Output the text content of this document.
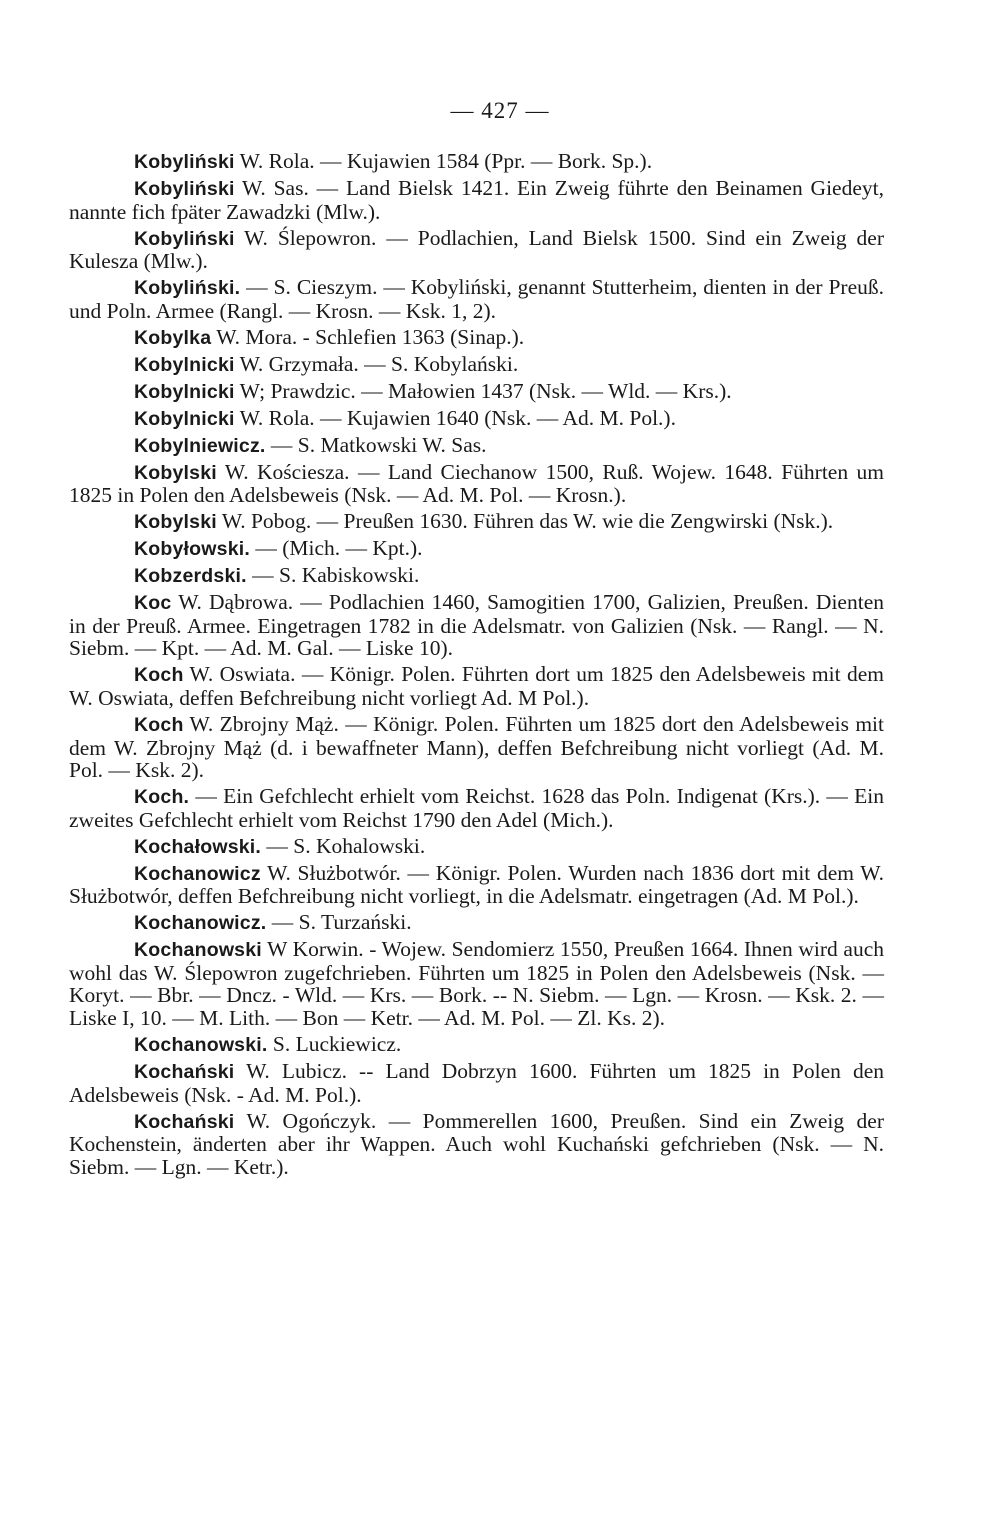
— 427 —

Kobyliński W. Rola. — Kujawien 1584 (Ppr. — Bork. Sp.).

Kobyliński W. Sas. — Land Bielsk 1421. Ein Zweig führte den Beinamen Giedeyt, nannte fich fpäter Zawadzki (Mlw.).

Kobyliński W. Ślepowron. — Podlachien, Land Bielsk 1500. Sind ein Zweig der Kulesza (Mlw.).

Kobyliński. — S. Cieszym. — Kobyliński, genannt Stutterheim, dienten in der Preuß. und Poln. Armee (Rangl. — Krosn. — Ksk. 1, 2).

Kobylka W. Mora. - Schlefien 1363 (Sinap.).

Kobylnicki W. Grzymała. — S. Kobylański.

Kobylnicki W; Prawdzic. — Małowien 1437 (Nsk. — Wld. — Krs.).

Kobylnicki W. Rola. — Kujawien 1640 (Nsk. — Ad. M. Pol.).

Kobylniewicz. — S. Matkowski W. Sas.

Kobylski W. Kościesza. — Land Ciechanow 1500, Ruß. Wojew. 1648. Führten um 1825 in Polen den Adelsbeweis (Nsk. — Ad. M. Pol. — Krosn.).

Kobylski W. Pobog. — Preußen 1630. Führen das W. wie die Zengwirski (Nsk.).

Kobyłowski. — (Mich. — Kpt.).

Kobzerdski. — S. Kabiskowski.

Koc W. Dąbrowa. — Podlachien 1460, Samogitien 1700, Galizien, Preußen. Dienten in der Preuß. Armee. Eingetragen 1782 in die Adelsmatr. von Galizien (Nsk. — Rangl. — N. Siebm. — Kpt. — Ad. M. Gal. — Liske 10).

Koch W. Oswiata. — Königr. Polen. Führten dort um 1825 den Adelsbeweis mit dem W. Oswiata, deffen Befchreibung nicht vorliegt Ad. M Pol.).

Koch W. Zbrojny Mąż. — Königr. Polen. Führten um 1825 dort den Adelsbeweis mit dem W. Zbrojny Mąż (d. i bewaffneter Mann), deffen Befchreibung nicht vorliegt (Ad. M. Pol. — Ksk. 2).

Koch. — Ein Gefchlecht erhielt vom Reichst. 1628 das Poln. Indigenat (Krs.). — Ein zweites Gefchlecht erhielt vom Reichst 1790 den Adel (Mich.).

Kochałowski. — S. Kohalowski.

Kochanowicz W. Służbotwór. — Königr. Polen. Wurden nach 1836 dort mit dem W. Służbotwór, deffen Befchreibung nicht vorliegt, in die Adelsmatr. eingetragen (Ad. M Pol.).

Kochanowicz. — S. Turzański.

Kochanowski W Korwin. - Wojew. Sendomierz 1550, Preußen 1664. Ihnen wird auch wohl das W. Ślepowron zugefchrieben. Führten um 1825 in Polen den Adelsbeweis (Nsk. — Koryt. — Bbr. — Dncz. - Wld. — Krs. — Bork. -- N. Siebm. — Lgn. — Krosn. — Ksk. 2. — Liske I, 10. — M. Lith. — Bon — Ketr. — Ad. M. Pol. — Zl. Ks. 2).

Kochanowski. S. Luckiewicz.

Kochański W. Lubicz. -- Land Dobrzyn 1600. Führten um 1825 in Polen den Adelsbeweis (Nsk. - Ad. M. Pol.).

Kochański W. Ogończyk. — Pommerellen 1600, Preußen. Sind ein Zweig der Kochenstein, änderten aber ihr Wappen. Auch wohl Kuchański gefchrieben (Nsk. — N. Siebm. — Lgn. — Ketr.).
